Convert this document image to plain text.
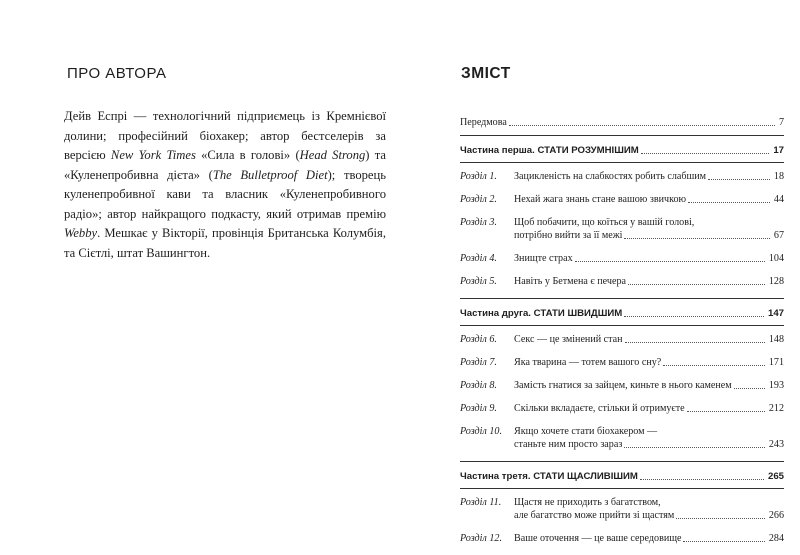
ПРО АВТОРА
Дейв Еспрі — технологічний підприємець із Кремнієвої долини; професійний біохакер; автор бестселерів за версією New York Times «Сила в голові» (Head Strong) та «Куленепробивна дієта» (The Bulletproof Diet); творець куленепробивної кави та власник «Куленепробивного радіо»; автор найкращого подкасту, який отримав премію Webby. Мешкає у Вікторії, провінція Британська Колумбія, та Сієтлі, штат Вашингтон.
ЗМІСТ
Передмова	7
Частина перша. СТАТИ РОЗУМНІШИМ	17
Розділ 1.	Зацикленість на слабкостях робить слабшим	18
Розділ 2.	Нехай жага знань стане вашою звичкою	44
Розділ 3.	Щоб побачити, що коїться у вашій голові,
потрібно вийти за її межі	67
Розділ 4.	Знищте страх	104
Розділ 5.	Навіть у Бетмена є печера	128
Частина друга. СТАТИ ШВИДШИМ	147
Розділ 6.	Секс — це змінений стан	148
Розділ 7.	Яка тварина — тотем вашого сну?	171
Розділ 8.	Замість гнатися за зайцем, киньте в нього каменем	193
Розділ 9.	Скільки вкладаєте, стільки й отримуєте	212
Розділ 10.	Якщо хочете стати біохакером —
станьте ним просто зараз	243
Частина третя. СТАТИ ЩАСЛИВІШИМ	265
Розділ 11.	Щастя не приходить з багатством,
але багатство може прийти зі щастям	266
Розділ 12.	Ваше оточення — це ваше середовище	284
